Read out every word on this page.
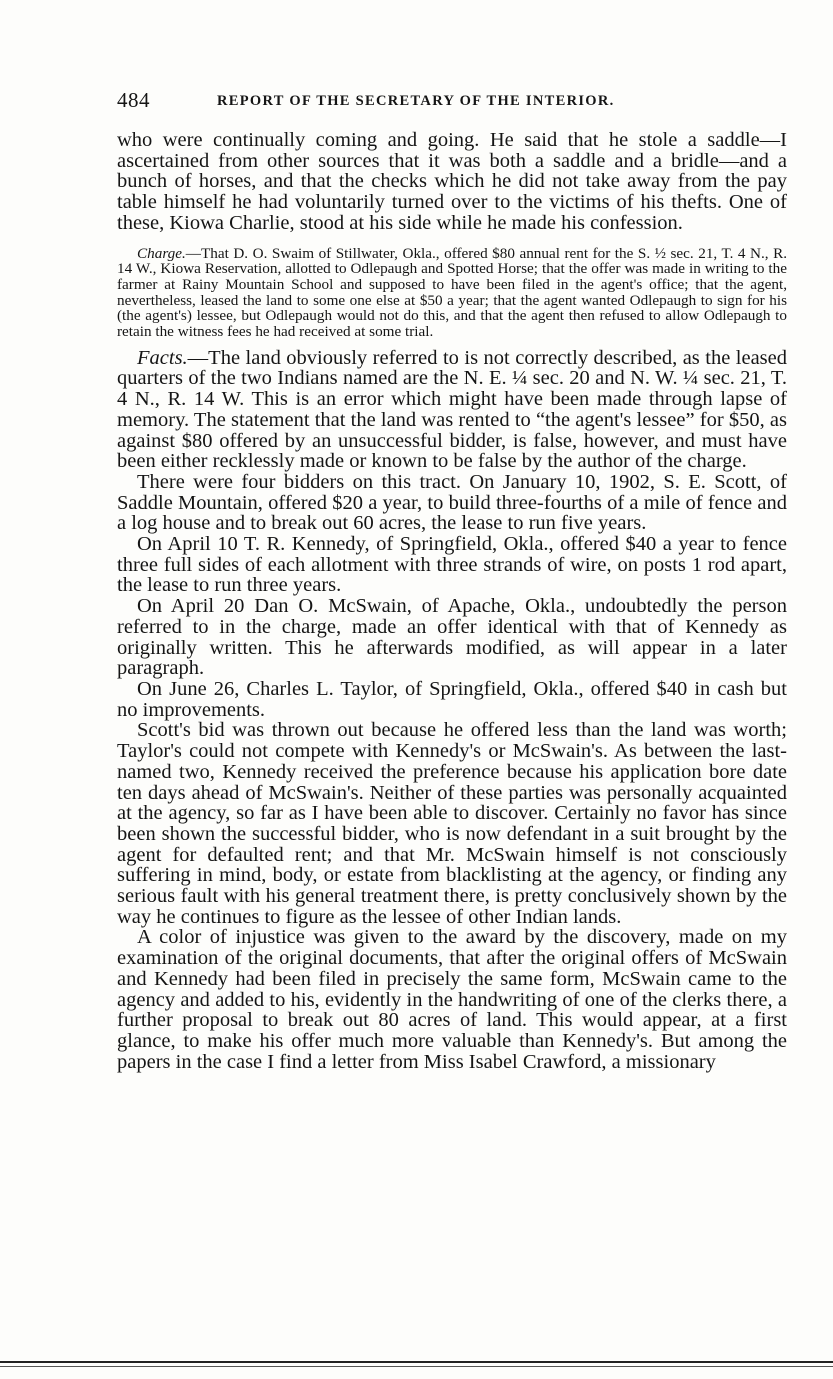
484	REPORT OF THE SECRETARY OF THE INTERIOR.

who were continually coming and going. He said that he stole a saddle—I ascertained from other sources that it was both a saddle and a bridle—and a bunch of horses, and that the checks which he did not take away from the pay table himself he had voluntarily turned over to the victims of his thefts. One of these, Kiowa Charlie, stood at his side while he made his confession.

Charge.—That D. O. Swaim of Stillwater, Okla., offered $80 annual rent for the S. ½ sec. 21, T. 4 N., R. 14 W., Kiowa Reservation, allotted to Odlepaugh and Spotted Horse; that the offer was made in writing to the farmer at Rainy Mountain School and supposed to have been filed in the agent's office; that the agent, nevertheless, leased the land to some one else at $50 a year; that the agent wanted Odlepaugh to sign for his (the agent's) lessee, but Odlepaugh would not do this, and that the agent then refused to allow Odlepaugh to retain the witness fees he had received at some trial.

Facts.—The land obviously referred to is not correctly described, as the leased quarters of the two Indians named are the N. E. ¼ sec. 20 and N. W. ¼ sec. 21, T. 4 N., R. 14 W. This is an error which might have been made through lapse of memory. The statement that the land was rented to “the agent's lessee” for $50, as against $80 offered by an unsuccessful bidder, is false, however, and must have been either recklessly made or known to be false by the author of the charge.

There were four bidders on this tract. On January 10, 1902, S. E. Scott, of Saddle Mountain, offered $20 a year, to build three-fourths of a mile of fence and a log house and to break out 60 acres, the lease to run five years.

On April 10 T. R. Kennedy, of Springfield, Okla., offered $40 a year to fence three full sides of each allotment with three strands of wire, on posts 1 rod apart, the lease to run three years.

On April 20 Dan O. McSwain, of Apache, Okla., undoubtedly the person referred to in the charge, made an offer identical with that of Kennedy as originally written. This he afterwards modified, as will appear in a later paragraph.

On June 26, Charles L. Taylor, of Springfield, Okla., offered $40 in cash but no improvements.

Scott's bid was thrown out because he offered less than the land was worth; Taylor's could not compete with Kennedy's or McSwain's. As between the last-named two, Kennedy received the preference because his application bore date ten days ahead of McSwain's. Neither of these parties was personally acquainted at the agency, so far as I have been able to discover. Certainly no favor has since been shown the successful bidder, who is now defendant in a suit brought by the agent for defaulted rent; and that Mr. McSwain himself is not consciously suffering in mind, body, or estate from blacklisting at the agency, or finding any serious fault with his general treatment there, is pretty conclusively shown by the way he continues to figure as the lessee of other Indian lands.

A color of injustice was given to the award by the discovery, made on my examination of the original documents, that after the original offers of McSwain and Kennedy had been filed in precisely the same form, McSwain came to the agency and added to his, evidently in the handwriting of one of the clerks there, a further proposal to break out 80 acres of land. This would appear, at a first glance, to make his offer much more valuable than Kennedy's. But among the papers in the case I find a letter from Miss Isabel Crawford, a missionary
